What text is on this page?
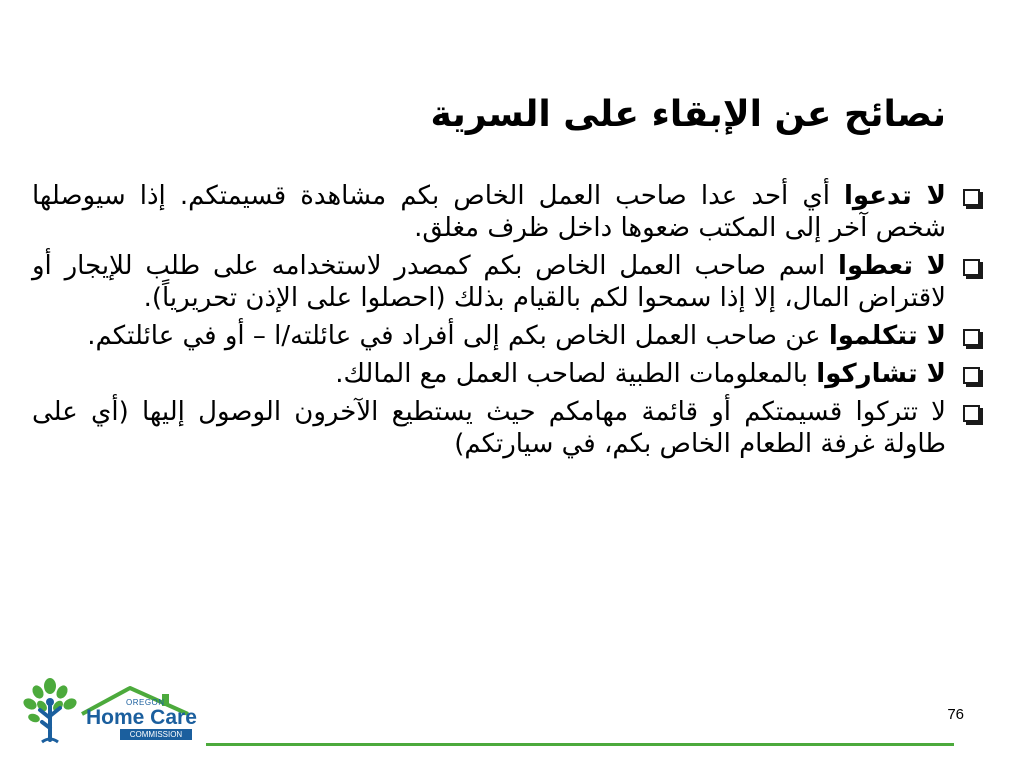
نصائح عن الإبقاء على السرية
لا تدعوا أي أحد عدا صاحب العمل الخاص بكم مشاهدة قسيمتكم. إذا سيوصلها شخص آخر إلى المكتب ضعوها داخل ظرف مغلق.
لا تعطوا اسم صاحب العمل الخاص بكم كمصدر لاستخدامه على طلب للإيجار أو لاقتراض المال، إلا إذا سمحوا لكم بالقيام بذلك (احصلوا على الإذن تحريرياً).
لا تتكلموا عن صاحب العمل الخاص بكم إلى أفراد في عائلته/ا – أو في عائلتكم.
لا تشاركوا بالمعلومات الطبية لصاحب العمل مع المالك.
لا تتركوا قسيمتكم أو قائمة مهامكم حيث يستطيع الآخرون الوصول إليها (أي على طاولة غرفة الطعام الخاص بكم، في سيارتكم)
76
OREGON
Home Care
COMMISSION
